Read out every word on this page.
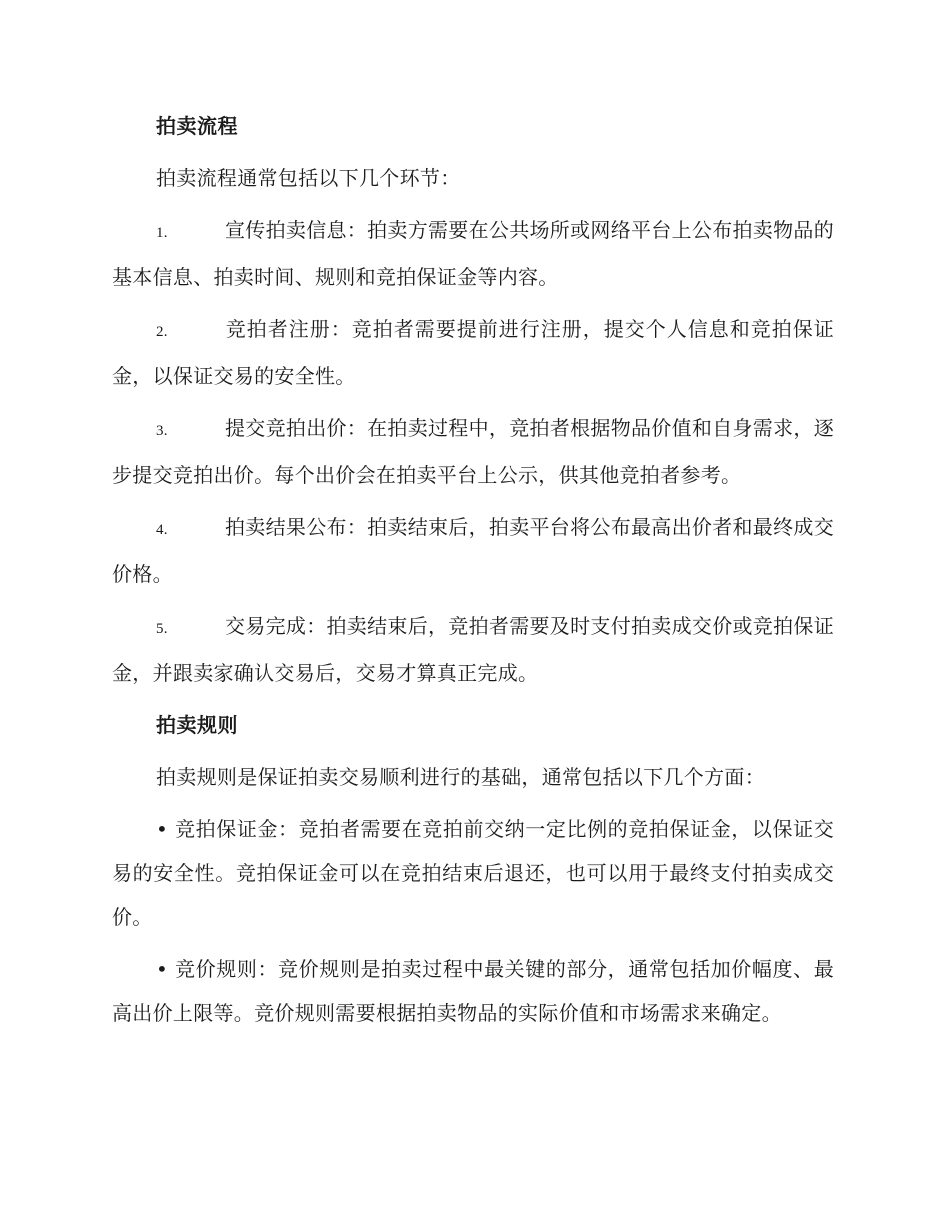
拍卖流程
拍卖流程通常包括以下几个环节：
1.	宣传拍卖信息：拍卖方需要在公共场所或网络平台上公布拍卖物品的基本信息、拍卖时间、规则和竞拍保证金等内容。
2.	竞拍者注册：竞拍者需要提前进行注册，提交个人信息和竞拍保证金，以保证交易的安全性。
3.	提交竞拍出价：在拍卖过程中，竞拍者根据物品价值和自身需求，逐步提交竞拍出价。每个出价会在拍卖平台上公示，供其他竞拍者参考。
4.	拍卖结果公布：拍卖结束后，拍卖平台将公布最高出价者和最终成交价格。
5.	交易完成：拍卖结束后，竞拍者需要及时支付拍卖成交价或竞拍保证金，并跟卖家确认交易后，交易才算真正完成。
拍卖规则
拍卖规则是保证拍卖交易顺利进行的基础，通常包括以下几个方面：
• 竞拍保证金：竞拍者需要在竞拍前交纳一定比例的竞拍保证金，以保证交易的安全性。竞拍保证金可以在竞拍结束后退还，也可以用于最终支付拍卖成交价。
• 竞价规则：竞价规则是拍卖过程中最关键的部分，通常包括加价幅度、最高出价上限等。竞价规则需要根据拍卖物品的实际价值和市场需求来确定。
